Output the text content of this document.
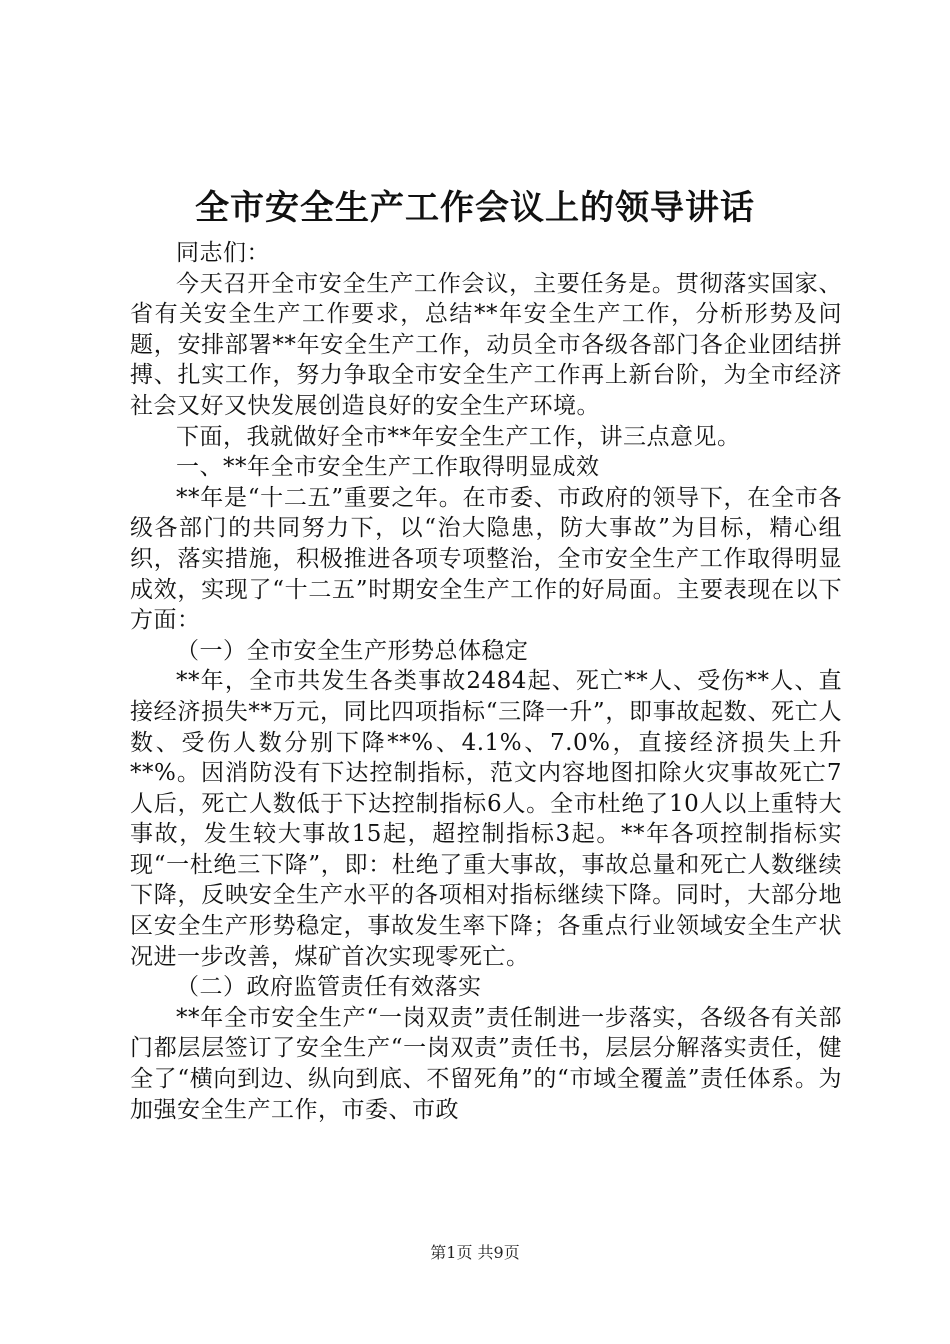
全市安全生产工作会议上的领导讲话

同志们：

今天召开全市安全生产工作会议，主要任务是。贯彻落实国家、省有关安全生产工作要求，总结**年安全生产工作，分析形势及问题，安排部署**年安全生产工作，动员全市各级各部门各企业团结拼搏、扎实工作，努力争取全市安全生产工作再上新台阶，为全市经济社会又好又快发展创造良好的安全生产环境。

下面，我就做好全市**年安全生产工作，讲三点意见。

一、**年全市安全生产工作取得明显成效

**年是“十二五”重要之年。在市委、市政府的领导下，在全市各级各部门的共同努力下，以“治大隐患，防大事故”为目标，精心组织，落实措施，积极推进各项专项整治，全市安全生产工作取得明显成效，实现了“十二五”时期安全生产工作的好局面。主要表现在以下方面：

（一）全市安全生产形势总体稳定

**年，全市共发生各类事故2484起、死亡**人、受伤**人、直接经济损失**万元，同比四项指标“三降一升”，即事故起数、死亡人数、受伤人数分别下降**%、4.1%、7.0%，直接经济损失上升**%。因消防没有下达控制指标，范文内容地图扣除火灾事故死亡7人后，死亡人数低于下达控制指标6人。全市杜绝了10人以上重特大事故，发生较大事故15起，超控制指标3起。**年各项控制指标实现“一杜绝三下降”，即：杜绝了重大事故，事故总量和死亡人数继续下降，反映安全生产水平的各项相对指标继续下降。同时，大部分地区安全生产形势稳定，事故发生率下降；各重点行业领域安全生产状况进一步改善，煤矿首次实现零死亡。

（二）政府监管责任有效落实

**年全市安全生产“一岗双责”责任制进一步落实，各级各有关部门都层层签订了安全生产“一岗双责”责任书，层层分解落实责任，健全了“横向到边、纵向到底、不留死角”的“市域全覆盖”责任体系。为加强安全生产工作，市委、市政

第1页 共9页
